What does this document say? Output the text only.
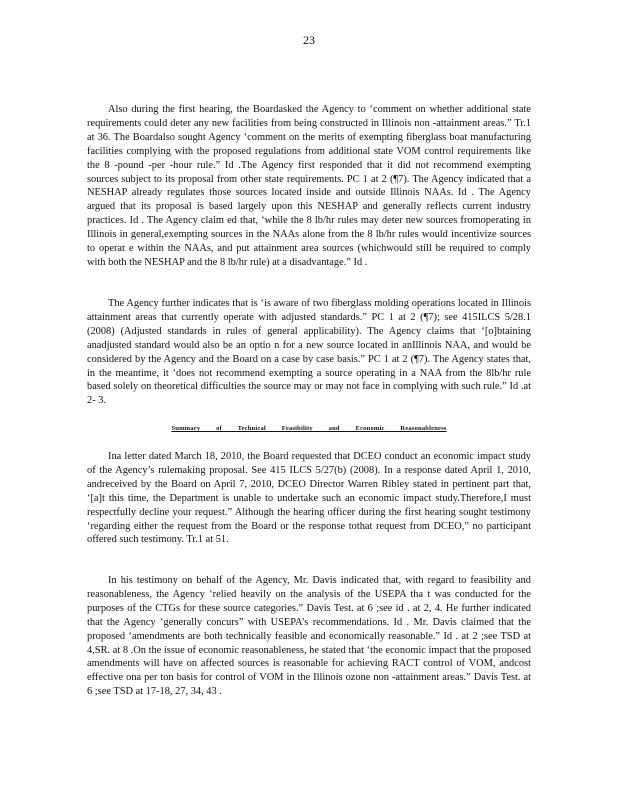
23

Also during the first hearing, the Boardasked the Agency to ‘comment on whether additional state requirements could deter any new facilities from being constructed in Illinois non -attainment areas.” Tr.1 at 36. The Boardalso sought Agency ‘comment on the merits of exempting fiberglass boat manufacturing facilities complying with the proposed regulations from additional state VOM control requirements like the 8 -pound -per -hour rule.” Id .The Agency first responded that it did not recommend exempting sources subject to its proposal from other state requirements. PC 1 at 2 (¶7). The Agency indicated that a NESHAP already regulates those sources located inside and outside Illinois NAAs. Id . The Agency argued that its proposal is based largely upon this NESHAP and generally reflects current industry practices. Id . The Agency claim ed that, ‘while the 8 lb/hr rules may deter new sources fromoperating in Illinois in general,exempting sources in the NAAs alone from the 8 lb/hr rules would incentivize sources to operat e within the NAAs, and put attainment area sources (whichwould still be required to comply with both the NESHAP and the 8 lb/hr rule) at a disadvantage.” Id .

The Agency further indicates that is ‘is aware of two fiberglass molding operations located in Illinois attainment areas that currently operate with adjusted standards.” PC 1 at 2 (¶7); see 415ILCS 5/28.1 (2008) (Adjusted standards in rules of general applicability). The Agency claims that ‘[o]btaining anadjusted standard would also be an optio n for a new source located in anIllinois NAA, and would be considered by the Agency and the Board on a case by case basis.” PC 1 at 2 (¶7). The Agency states that, in the meantime, it ‘does not recommend exempting a source operating in a NAA from the 8lb/hr rule based solely on theoretical difficulties the source may or may not face in complying with such rule.” Id .at 2- 3.

Summary of Technical Feasibility and Economic Reasonableness

Ina letter dated March 18, 2010, the Board requested that DCEO conduct an economic impact study of the Agency’s rulemaking proposal. See 415 ILCS 5/27(b) (2008). In a response dated April 1, 2010, andreceived by the Board on April 7, 2010, DCEO Director Warren Ribley stated in pertinent part that, ‘[a]t this time, the Department is unable to undertake such an economic impact study.Therefore,I must respectfully decline your request.” Although the hearing officer during the first hearing sought testimony ‘regarding either the request from the Board or the response tothat request from DCEO,” no participant offered such testimony. Tr.1 at 51.

In his testimony on behalf of the Agency, Mr. Davis indicated that, with regard to feasibility and reasonableness, the Agency ‘relied heavily on the analysis of the USEPA tha t was conducted for the purposes of the CTGs for these source categories.” Davis Test. at 6 ;see id . at 2, 4. He further indicated that the Agency ‘generally concurs” with USEPA’s recommendations. Id . Mr. Davis claimed that the proposed ‘amendments are both technically feasible and economically reasonable.” Id . at 2 ;see TSD at 4,SR. at 8 .On the issue of economic reasonableness, he stated that ‘the economic impact that the proposed amendments will have on affected sources is reasonable for achieving RACT control of VOM, andcost effective ona per ton basis for control of VOM in the Illinois ozone non -attainment areas.” Davis Test. at 6 ;see TSD at 17-18, 27, 34, 43 .
